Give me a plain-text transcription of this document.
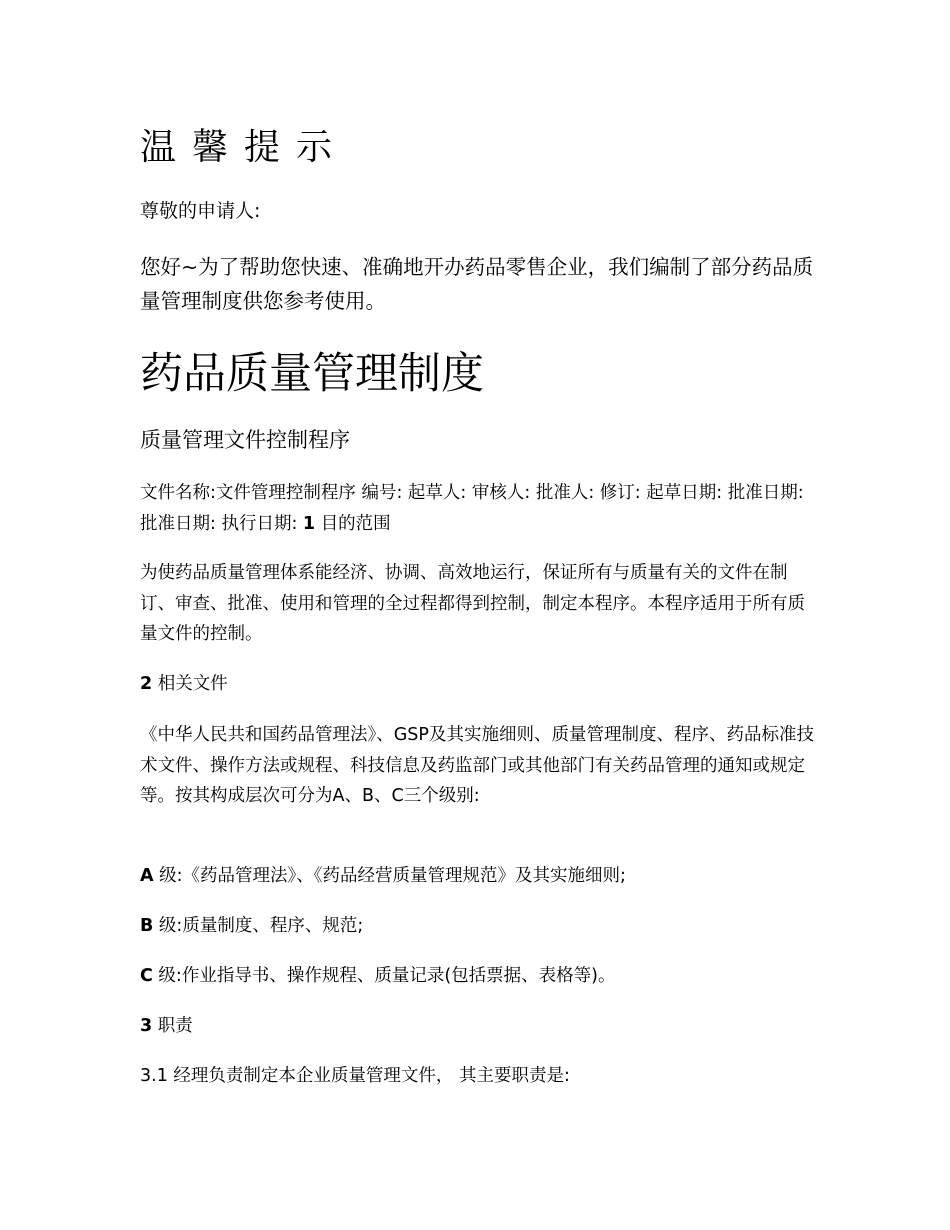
温馨提示

尊敬的申请人:

您好~为了帮助您快速、准确地开办药品零售企业，我们编制了部分药品质量管理制度供您参考使用。

药品质量管理制度
质量管理文件控制程序

文件名称:文件管理控制程序 编号: 起草人: 审核人: 批准人: 修订: 起草日期: 批准日期: 批准日期: 执行日期: 1 目的范围

为使药品质量管理体系能经济、协调、高效地运行，保证所有与质量有关的文件在制订、审查、批准、使用和管理的全过程都得到控制，制定本程序。本程序适用于所有质量文件的控制。

2 相关文件

《中华人民共和国药品管理法》、GSP及其实施细则、质量管理制度、程序、药品标准技术文件、操作方法或规程、科技信息及药监部门或其他部门有关药品管理的通知或规定等。按其构成层次可分为A、B、C三个级别:

A 级:《药品管理法》、《药品经营质量管理规范》及其实施细则;

B 级:质量制度、程序、规范;

C 级:作业指导书、操作规程、质量记录(包括票据、表格等)。

3 职责

3.1 经理负责制定本企业质量管理文件， 其主要职责是:
